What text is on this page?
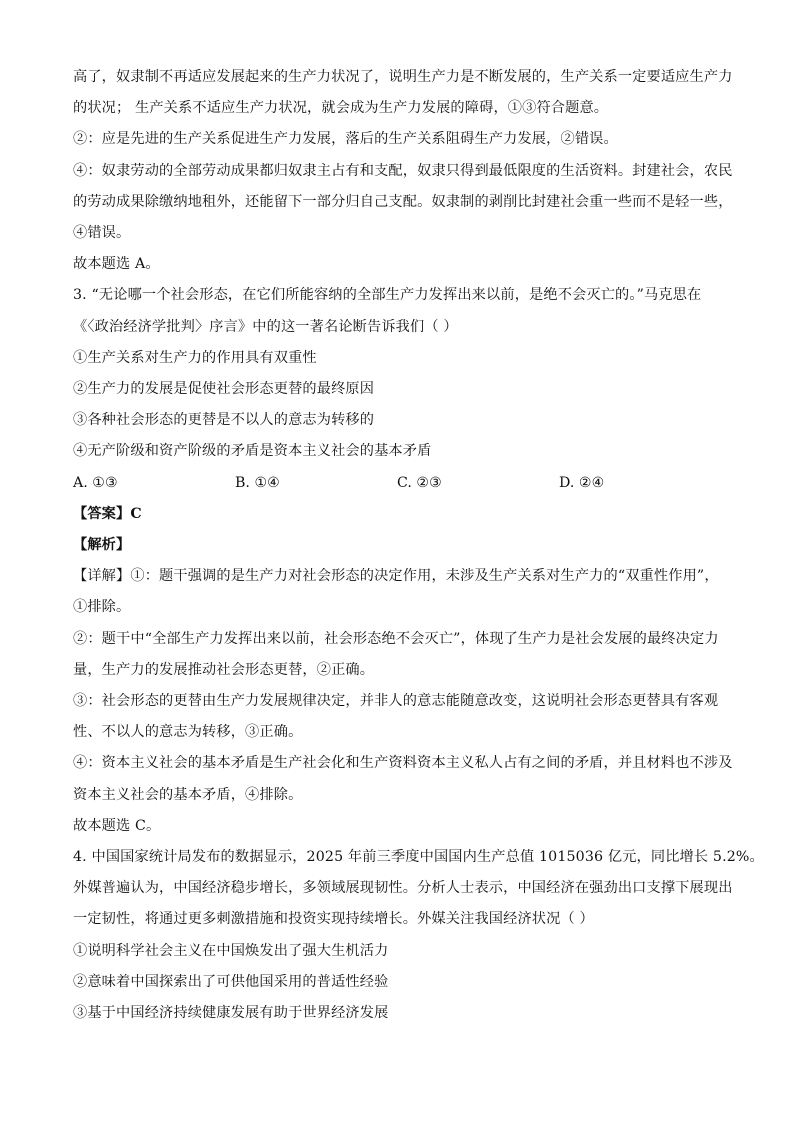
高了，奴隶制不再适应发展起来的生产力状况了，说明生产力是不断发展的，生产关系一定要适应生产力
的状况； 生产关系不适应生产力状况，就会成为生产力发展的障碍，①③符合题意。
②：应是先进的生产关系促进生产力发展，落后的生产关系阻碍生产力发展，②错误。
④：奴隶劳动的全部劳动成果都归奴隶主占有和支配，奴隶只得到最低限度的生活资料。封建社会，农民
的劳动成果除缴纳地租外，还能留下一部分归自己支配。奴隶制的剥削比封建社会重一些而不是轻一些，
④错误。
故本题选 A。
3. “无论哪一个社会形态，在它们所能容纳的全部生产力发挥出来以前，是绝不会灭亡的。”马克思在
《〈政治经济学批判〉序言》中的这一著名论断告诉我们（ ）
①生产关系对生产力的作用具有双重性
②生产力的发展是促使社会形态更替的最终原因
③各种社会形态的更替是不以人的意志为转移的
④无产阶级和资产阶级的矛盾是资本主义社会的基本矛盾
A. ①③	B. ①④	C. ②③	D. ②④
【答案】C
【解析】
【详解】①：题干强调的是生产力对社会形态的决定作用，未涉及生产关系对生产力的“双重性作用”，
①排除。
②：题干中“全部生产力发挥出来以前，社会形态绝不会灭亡”，体现了生产力是社会发展的最终决定力
量，生产力的发展推动社会形态更替，②正确。
③：社会形态的更替由生产力发展规律决定，并非人的意志能随意改变，这说明社会形态更替具有客观
性、不以人的意志为转移，③正确。
④：资本主义社会的基本矛盾是生产社会化和生产资料资本主义私人占有之间的矛盾，并且材料也不涉及
资本主义社会的基本矛盾，④排除。
故本题选 C。
4. 中国国家统计局发布的数据显示，2025 年前三季度中国国内生产总值 1015036 亿元，同比增长 5.2%。
外媒普遍认为，中国经济稳步增长，多领域展现韧性。分析人士表示，中国经济在强劲出口支撑下展现出
一定韧性，将通过更多刺激措施和投资实现持续增长。外媒关注我国经济状况（ ）
①说明科学社会主义在中国焕发出了强大生机活力
②意味着中国探索出了可供他国采用的普适性经验
③基于中国经济持续健康发展有助于世界经济发展
